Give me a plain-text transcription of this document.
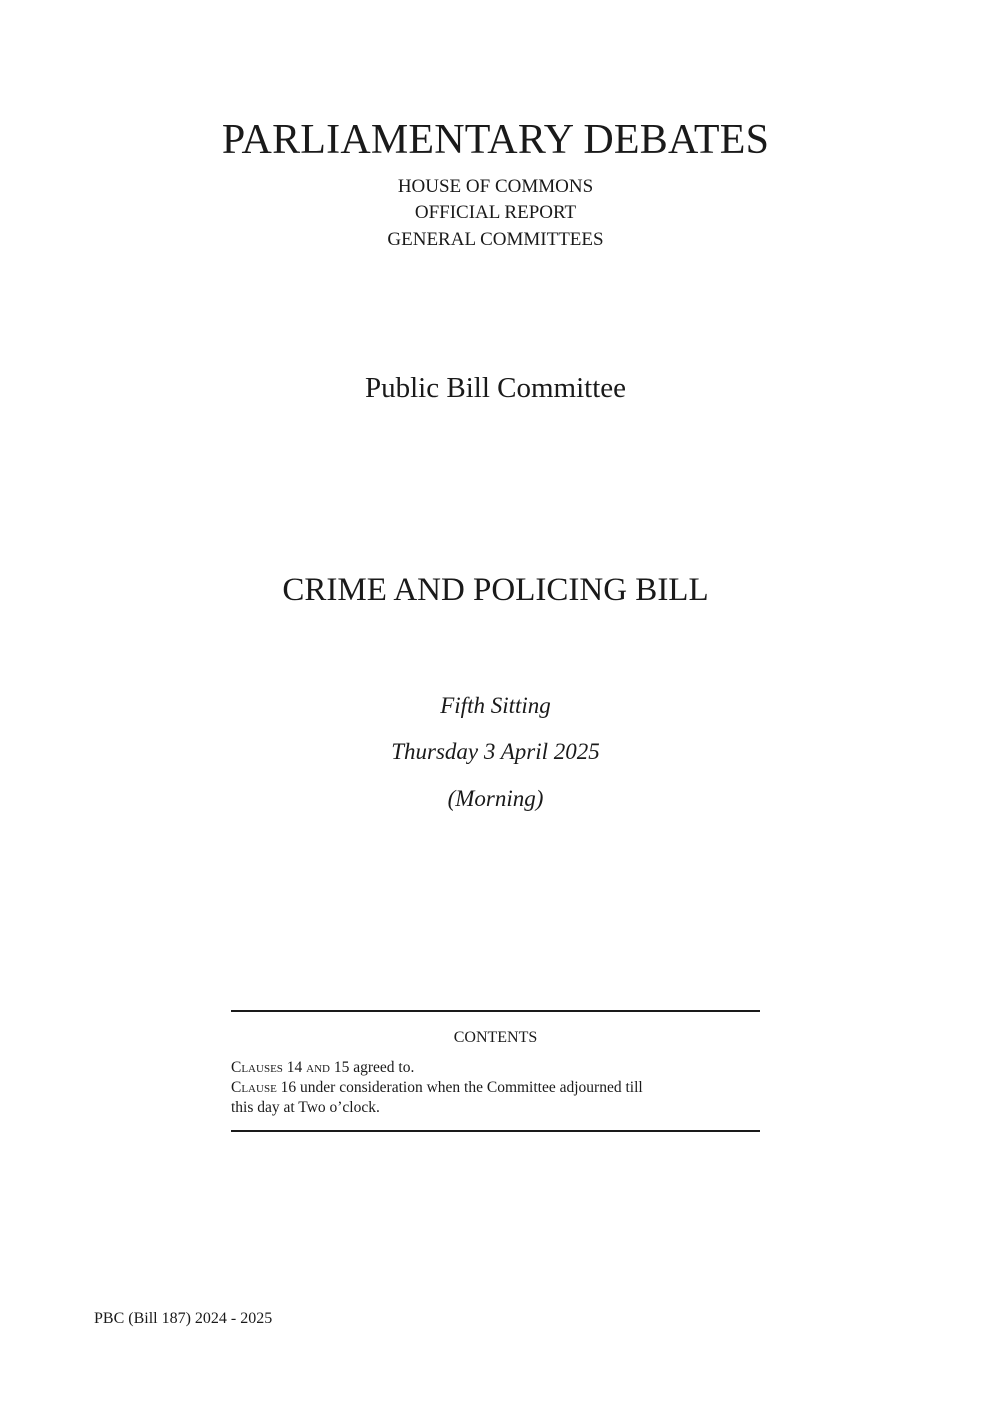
PARLIAMENTARY DEBATES
HOUSE OF COMMONS
OFFICIAL REPORT
GENERAL COMMITTEES
Public Bill Committee
CRIME AND POLICING BILL
Fifth Sitting
Thursday 3 April 2025
(Morning)
CONTENTS

Clauses 14 and 15 agreed to.

Clause 16 under consideration when the Committee adjourned till

this day at Two o’clock.

PBC (Bill 187) 2024 - 2025
